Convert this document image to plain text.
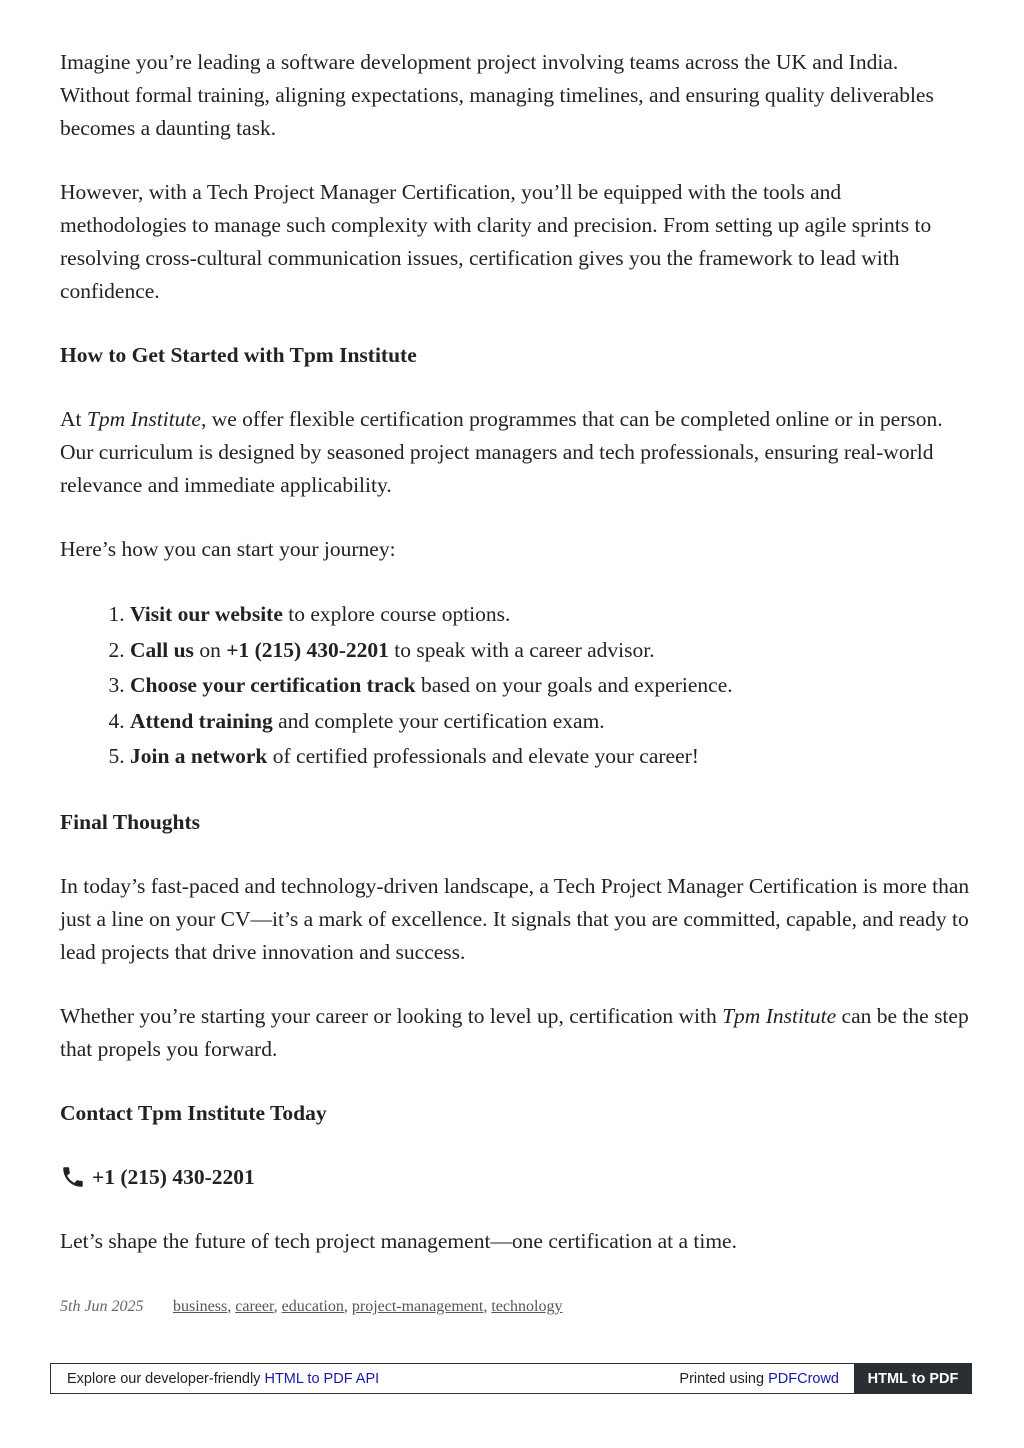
Imagine you’re leading a software development project involving teams across the UK and India. Without formal training, aligning expectations, managing timelines, and ensuring quality deliverables becomes a daunting task.

However, with a Tech Project Manager Certification, you’ll be equipped with the tools and methodologies to manage such complexity with clarity and precision. From setting up agile sprints to resolving cross-cultural communication issues, certification gives you the framework to lead with confidence.

How to Get Started with Tpm Institute

At Tpm Institute, we offer flexible certification programmes that can be completed online or in person. Our curriculum is designed by seasoned project managers and tech professionals, ensuring real-world relevance and immediate applicability.

Here’s how you can start your journey:

1. Visit our website to explore course options.
2. Call us on +1 (215) 430-2201 to speak with a career advisor.
3. Choose your certification track based on your goals and experience.
4. Attend training and complete your certification exam.
5. Join a network of certified professionals and elevate your career!
Final Thoughts

In today’s fast-paced and technology-driven landscape, a Tech Project Manager Certification is more than just a line on your CV—it’s a mark of excellence. It signals that you are committed, capable, and ready to lead projects that drive innovation and success.

Whether you’re starting your career or looking to level up, certification with Tpm Institute can be the step that propels you forward.

Contact Tpm Institute Today

+1 (215) 430-2201

Let’s shape the future of tech project management—one certification at a time.

5th Jun 2025 business, career, education, project-management, technology
Explore our developer-friendly HTML to PDF API	Printed using PDFCrowd	HTML to PDF
